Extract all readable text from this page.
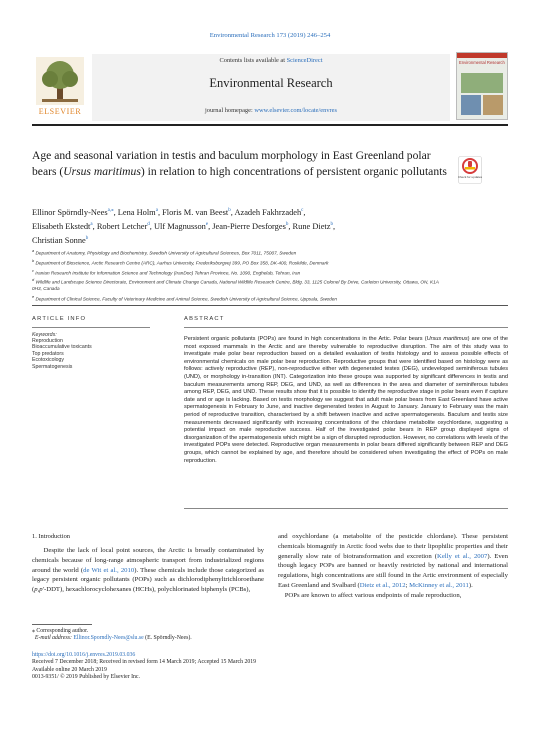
Environmental Research 173 (2019) 246–254
ELSEVIER
Contents lists available at ScienceDirect
Environmental Research
journal homepage: www.elsevier.com/locate/envres
Environmental Research
Age and seasonal variation in testis and baculum morphology in East Greenland polar bears (Ursus maritimus) in relation to high concentrations of persistent organic pollutants	Check for updates
Ellinor Spörndly-Nees$^{a,⁎}$, Lena Holm$^a$, Floris M. van Beest$^b$, Azadeh Fakhrzadeh$^c$,
Elisabeth Ekstedt$^a$, Robert Letcher$^d$, Ulf Magnusson$^e$, Jean-Pierre Desforges$^b$, Rune Dietz$^b$,
Christian Sonne$^b$
$^a$ Department of Anatomy, Physiology and Biochemistry, Swedish University of Agricultural Sciences, Box 7011, 75007, Sweden
$^b$ Department of Bioscience, Arctic Research Centre (ARC), Aarhus University, Frederiksborgvej 399, PO Box 358, DK-400, Roskilde, Denmark
$^c$ Iranian Research Institute for Information Science and Technology (IranDoc) Tehran Province, No. 1090, Enghelab, Tehran, Iran
$^d$ Wildlife and Landscape Science Directorate, Environment and Climate Change Canada, National Wildlife Research Centre, Bldg. 33, 1125 Colonel By Drive, Carleton University, Ottawa, ON, K1A 0H3, Canada
$^e$ Department of Clinical Science, Faculty of Veterinary Medicine and Animal Science, Swedish University of Agricultural Science, Uppsala, Sweden
ARTICLE INFO	ABSTRACT
Keywords:
Reproduction
Bioaccumulative toxicants
Top predators
Ecotoxicology
Spermatogenesis
Persistent organic pollutants (POPs) are found in high concentrations in the Artic. Polar bears (Ursus maritimus) are one of the most exposed mammals in the Arctic and are thereby vulnerable to reproductive disruption. The aim of this study was to investigate male polar bear reproduction based on a detailed evaluation of testis histology and to assess possible effects of environmental chemicals on male polar bear reproduction. Reproductive groups that were identified based on histology were as follows: actively reproductive (REP), non-reproductive either with degenerated testes (DEG), undeveloped seminiferous tubules (UND), or morphology in-transition (INT). Categorization into these groups was supported by significant differences in testis and baculum measurements among REP, DEG, and UND, as well as differences in the area and diameter of seminiferous tubules among REP, DEG, and UND. These results show that it is possible to identify the reproductive stage in polar bears even if capture date and or age is lacking. Based on testis morphology we suggest that adult male polar bears from East Greenland have active spermatogenesis in February to June, and inactive degenerated testes in August to January. January to February was the main period of reproductive transition, characterised by a shift between inactive and active spermatogenesis. Baculum and testis size measurements decreased significantly with increasing concentrations of the chlordane metabolite oxychlordane, suggesting a potential impact on male reproductive success. Half of the investigated polar bears in REP group displayed signs of disorganization of the spermatogenesis which might be a sign of disrupted reproduction. However, no correlations with levels of the investigated POPs were detected. Reproductive organ measurements in polar bears differed significantly between REP and DEG groups, which cannot be explained by age, and therefore should be considered when investigating the effect of POPs on male reproduction.
1. Introduction
Despite the lack of local point sources, the Arctic is broadly contaminated by chemicals because of long-range atmospheric transport from industrialized regions around the world (de Wit et al., 2010). These chemicals include those categorized as legacy persistent organic pollutants (POPs) such as dichlorodiphenyltrichloroethane (p,p'-DDT), hexachlorocyclohexanes (HCHs), polychlorinated biphenyls (PCBs),
and oxychlordane (a metabolite of the pesticide chlordane). These persistent chemicals biomagnify in Arctic food webs due to their lipophilic properties and their generally slow rate of biotransformation and excretion (Kelly et al., 2007). Even though legacy POPs are banned or heavily restricted by national and international regulations, high concentrations are still found in the Artic environment of especially East Greenland and Svalbard (Dietz et al., 2012; McKinney et al., 2011).
POPs are known to affect various endpoints of male reproduction,
⁎ Corresponding author.
E-mail address: Ellinor.Sporndly-Nees@slu.se (E. Spörndly-Nees).
https://doi.org/10.1016/j.envres.2019.03.036
Received 7 December 2018; Received in revised form 14 March 2019; Accepted 15 March 2019
Available online 20 March 2019
0013-9351/ © 2019 Published by Elsevier Inc.
